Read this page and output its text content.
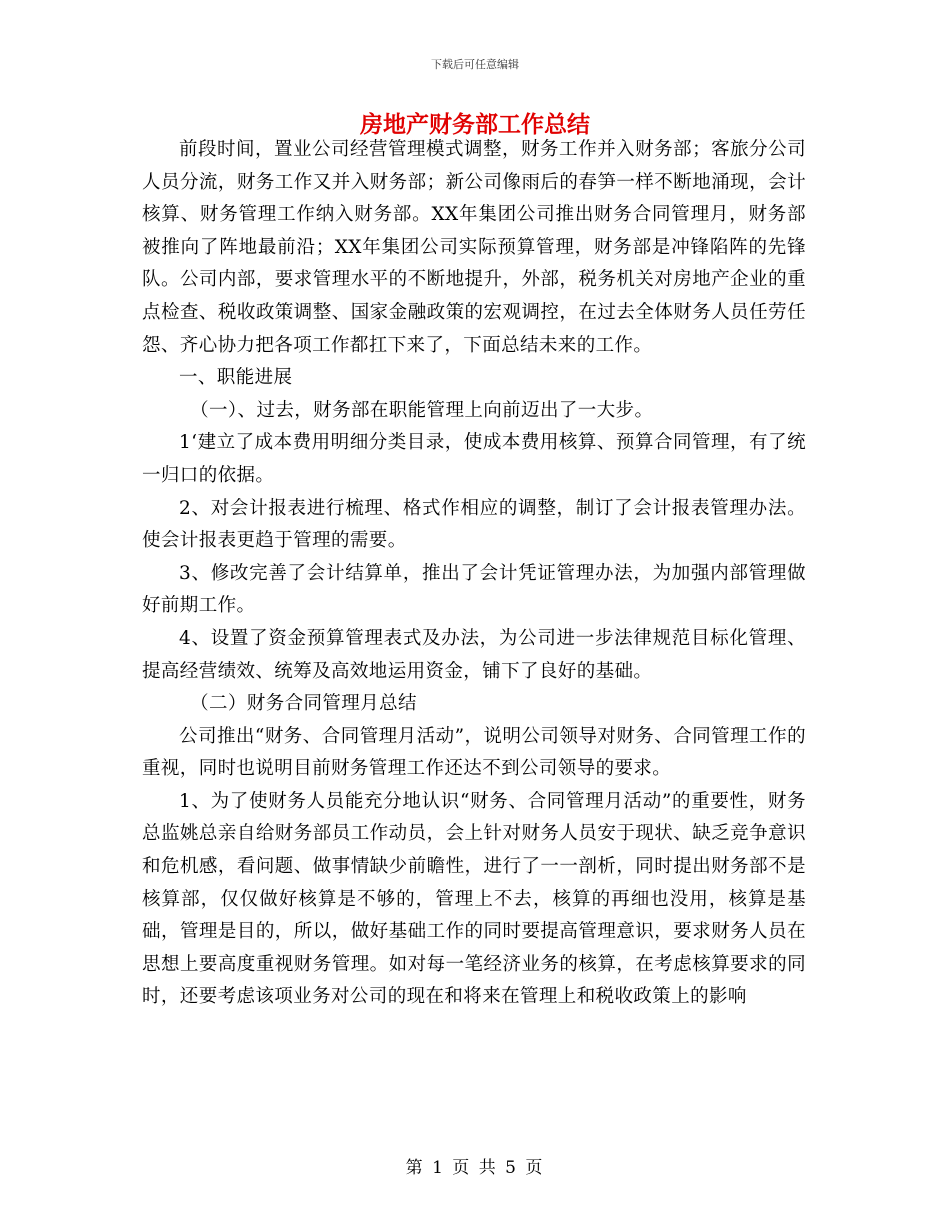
下载后可任意编辑
房地产财务部工作总结

前段时间，置业公司经营管理模式调整，财务工作并入财务部；客旅分公司人员分流，财务工作又并入财务部；新公司像雨后的春笋一样不断地涌现，会计核算、财务管理工作纳入财务部。XX年集团公司推出财务合同管理月，财务部被推向了阵地最前沿；XX年集团公司实际预算管理，财务部是冲锋陷阵的先锋队。公司内部，要求管理水平的不断地提升，外部，税务机关对房地产企业的重点检查、税收政策调整、国家金融政策的宏观调控，在过去全体财务人员任劳任怨、齐心协力把各项工作都扛下来了，下面总结未来的工作。

一、职能进展

（一）、过去，财务部在职能管理上向前迈出了一大步。

1‘建立了成本费用明细分类目录，使成本费用核算、预算合同管理，有了统一归口的依据。

2、对会计报表进行梳理、格式作相应的调整，制订了会计报表管理办法。使会计报表更趋于管理的需要。

3、修改完善了会计结算单，推出了会计凭证管理办法，为加强内部管理做好前期工作。

4、设置了资金预算管理表式及办法，为公司进一步法律规范目标化管理、提高经营绩效、统筹及高效地运用资金，铺下了良好的基础。

（二）财务合同管理月总结

公司推出“财务、合同管理月活动”，说明公司领导对财务、合同管理工作的重视，同时也说明目前财务管理工作还达不到公司领导的要求。

1、为了使财务人员能充分地认识“财务、合同管理月活动”的重要性，财务总监姚总亲自给财务部员工作动员，会上针对财务人员安于现状、缺乏竞争意识和危机感，看问题、做事情缺少前瞻性，进行了一一剖析，同时提出财务部不是核算部，仅仅做好核算是不够的，管理上不去，核算的再细也没用，核算是基础，管理是目的，所以，做好基础工作的同时要提高管理意识，要求财务人员在思想上要高度重视财务管理。如对每一笔经济业务的核算，在考虑核算要求的同时，还要考虑该项业务对公司的现在和将来在管理上和税收政策上的影响

第 1 页 共 5 页
